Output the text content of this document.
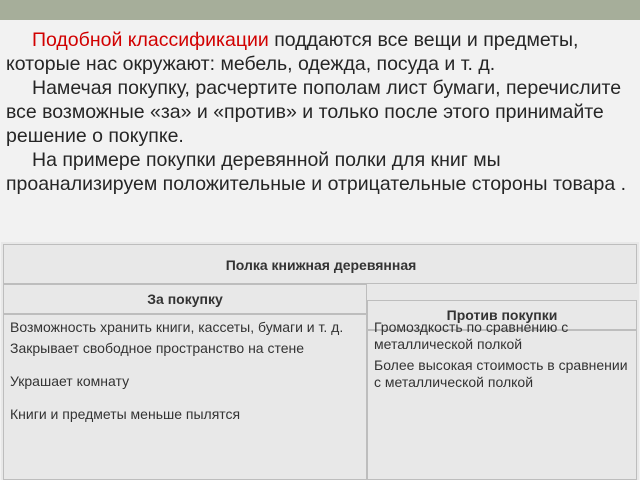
Подобной классификации поддаются все вещи и предметы, которые нас окружают: мебель, одежда, посуда и т. д.

Намечая покупку, расчертите пополам лист бумаги, перечислите все возможные «за» и «против» и только после этого принимайте решение о покупке.

На примере покупки деревянной полки для книг мы проанализируем положительные и отрицательные стороны товара .

Полка книжная деревянная
За покупку
Против покупки

Возможность хранить книги, кассеты, бумаги и т. д.

Закрывает свободное пространство на стене

Украшает комнату

Книги и предметы меньше пылятся

Громоздкость по сравнению с металлической полкой

Более высокая стоимость в сравнении с металлической полкой
